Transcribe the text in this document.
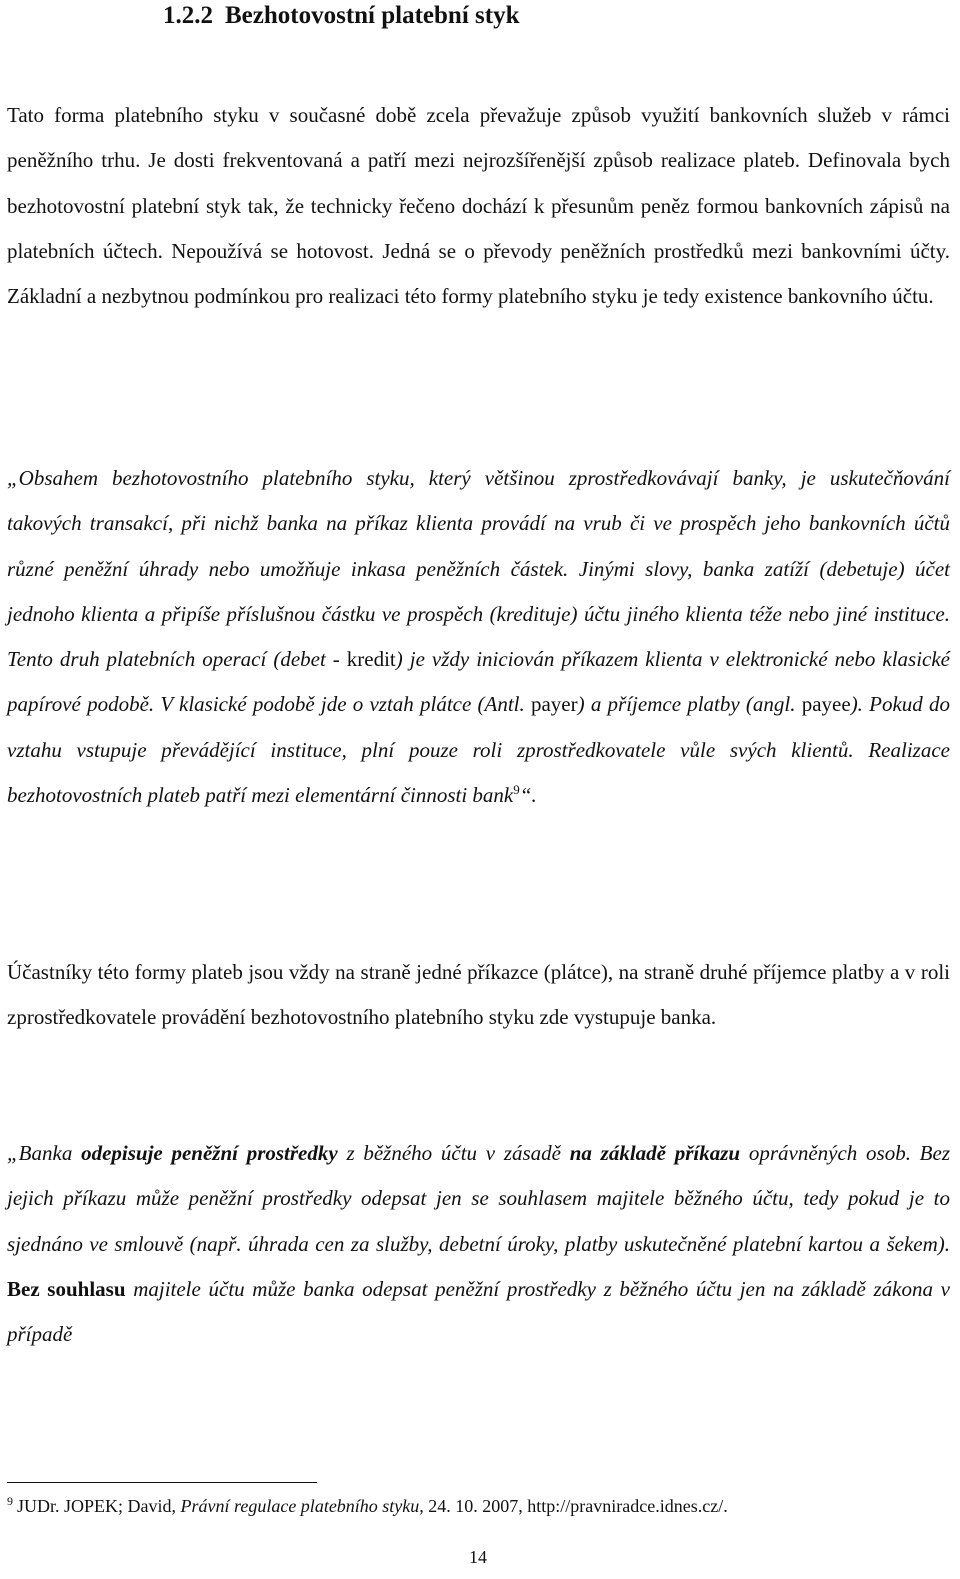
1.2.2 Bezhotovostní platební styk

Tato forma platebního styku v současné době zcela převažuje způsob využití bankovních služeb v rámci peněžního trhu. Je dosti frekventovaná a patří mezi nejrozšířenější způsob realizace plateb. Definovala bych bezhotovostní platební styk tak, že technicky řečeno dochází k přesunům peněz formou bankovních zápisů na platebních účtech. Nepoužívá se hotovost. Jedná se o převody peněžních prostředků mezi bankovními účty. Základní a nezbytnou podmínkou pro realizaci této formy platebního styku je tedy existence bankovního účtu.

„Obsahem bezhotovostního platebního styku, který většinou zprostředkovávají banky, je uskutečňování takových transakcí, při nichž banka na příkaz klienta provádí na vrub či ve prospěch jeho bankovních účtů různé peněžní úhrady nebo umožňuje inkasa peněžních částek. Jinými slovy, banka zatíží (debetuje) účet jednoho klienta a připíše příslušnou částku ve prospěch (kredituje) účtu jiného klienta téže nebo jiné instituce. Tento druh platebních operací (debet - kredit) je vždy iniciován příkazem klienta v elektronické nebo klasické papírové podobě. V klasické podobě jde o vztah plátce (Antl. payer) a příjemce platby (angl. payee). Pokud do vztahu vstupuje převádějící instituce, plní pouze roli zprostředkovatele vůle svých klientů. Realizace bezhotovostních plateb patří mezi elementární činnosti bank$^9$“.

Účastníky této formy plateb jsou vždy na straně jedné příkazce (plátce), na straně druhé příjemce platby a v roli zprostředkovatele provádění bezhotovostního platebního styku zde vystupuje banka.

„Banka odepisuje peněžní prostředky z běžného účtu v zásadě na základě příkazu oprávněných osob. Bez jejich příkazu může peněžní prostředky odepsat jen se souhlasem majitele běžného účtu, tedy pokud je to sjednáno ve smlouvě (např. úhrada cen za služby, debetní úroky, platby uskutečněné platební kartou a šekem). Bez souhlasu majitele účtu může banka odepsat peněžní prostředky z běžného účtu jen na základě zákona v případě

$^9$ JUDr. JOPEK; David, Právní regulace platebního styku, 24. 10. 2007, http://pravniradce.idnes.cz/.
14
